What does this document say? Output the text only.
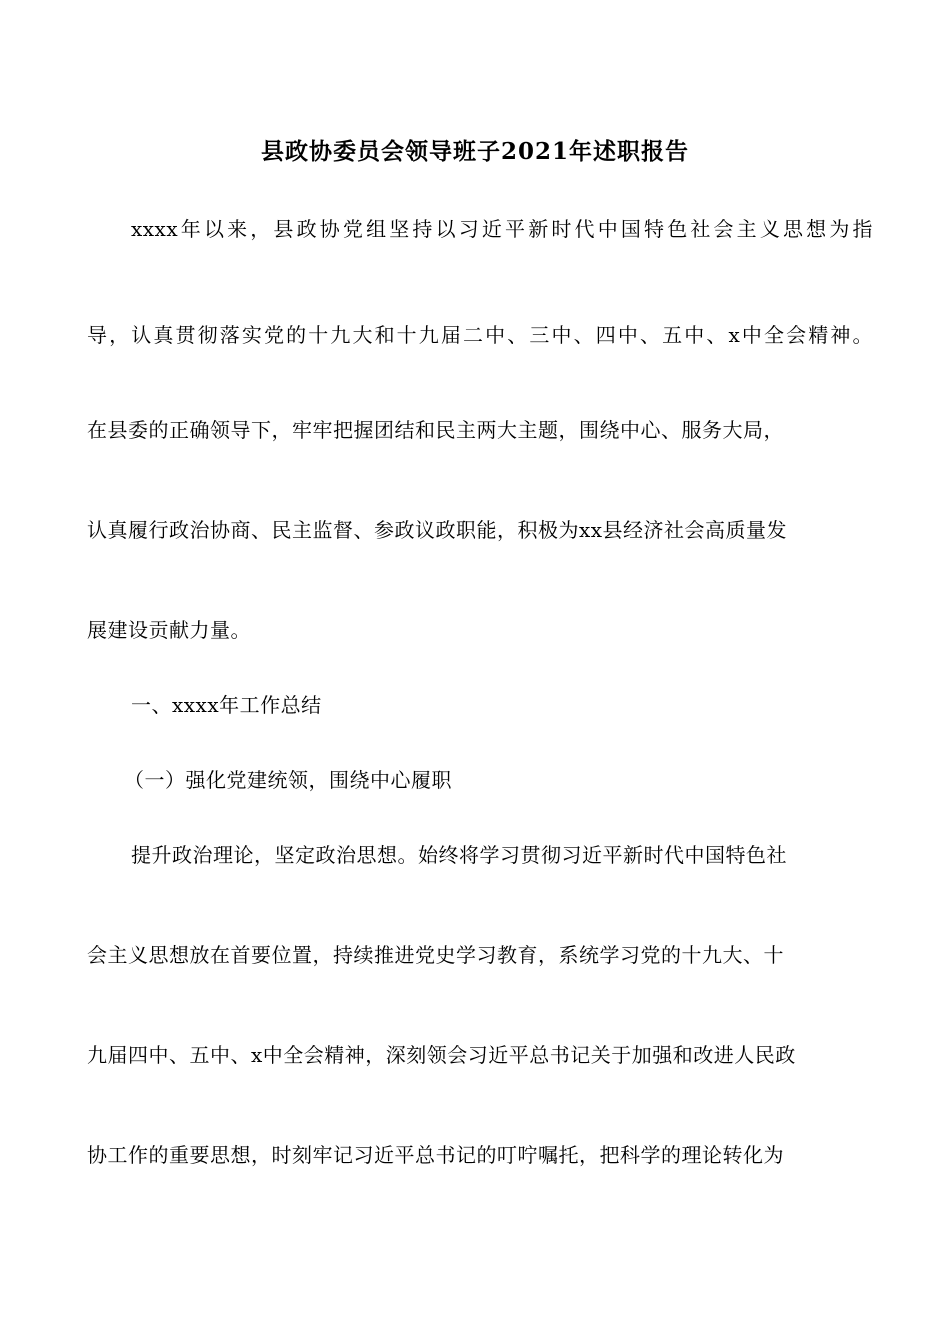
县政协委员会领导班子2021年述职报告
xxxx年以来，县政协党组坚持以习近平新时代中国特色社会主义思想为指
导，认真贯彻落实党的十九大和十九届二中、三中、四中、五中、x中全会精神。
在县委的正确领导下，牢牢把握团结和民主两大主题，围绕中心、服务大局，
认真履行政治协商、民主监督、参政议政职能，积极为xx县经济社会高质量发
展建设贡献力量。
一、xxxx年工作总结
（一）强化党建统领，围绕中心履职
提升政治理论，坚定政治思想。始终将学习贯彻习近平新时代中国特色社
会主义思想放在首要位置，持续推进党史学习教育，系统学习党的十九大、十
九届四中、五中、x中全会精神，深刻领会习近平总书记关于加强和改进人民政
协工作的重要思想，时刻牢记习近平总书记的叮咛嘱托，把科学的理论转化为
